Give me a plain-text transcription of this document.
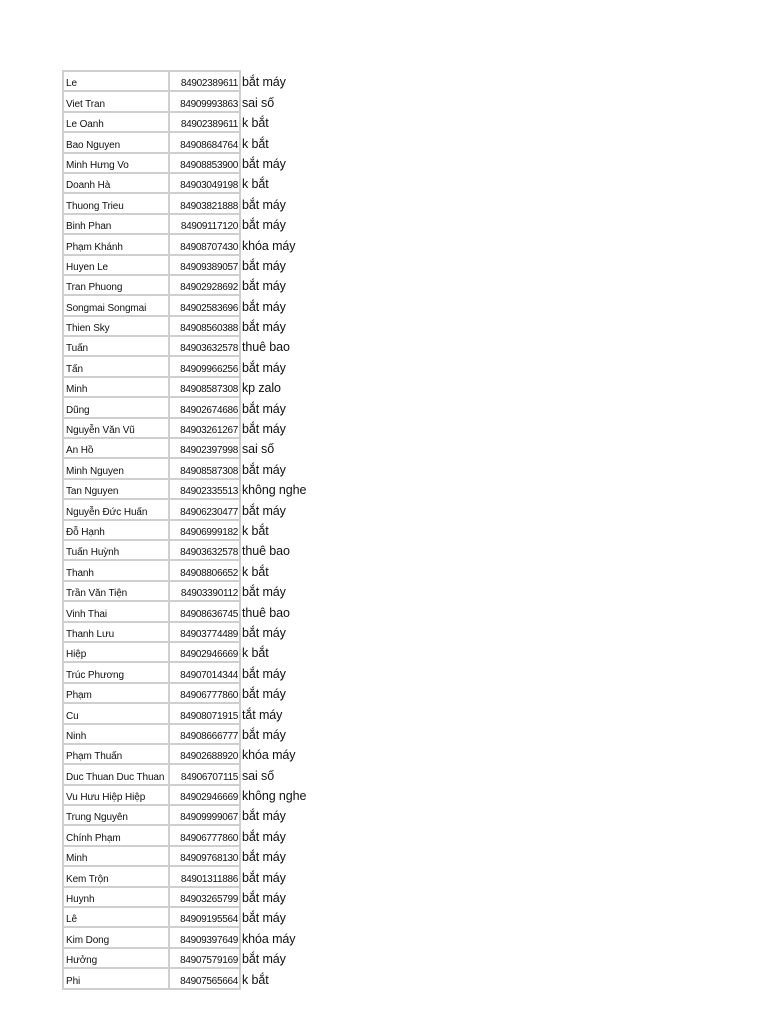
Le	84902389611	bắt máy
Viet Tran	84909993863	sai số
Le Oanh	84902389611	k bắt
Bao Nguyen	84908684764	k bắt
Minh Hưng Vo	84908853900	bắt máy
Doanh Hà	84903049198	k bắt
Thuong Trieu	84903821888	bắt máy
Binh Phan	84909117120	bắt máy
Phạm Khánh	84908707430	khóa máy
Huyen Le	84909389057	bắt máy
Tran Phuong	84902928692	bắt máy
Songmai Songmai	84902583696	bắt máy
Thien Sky	84908560388	bắt máy
Tuấn	84903632578	thuê bao
Tấn	84909966256	bắt máy
Minh	84908587308	kp zalo
Dũng	84902674686	bắt máy
Nguyễn Văn Vũ	84903261267	bắt máy
An Hồ	84902397998	sai số
Minh Nguyen	84908587308	bắt máy
Tan Nguyen	84902335513	không nghe
Nguyễn Đức Huấn	84906230477	bắt máy
Đỗ Hạnh	84906999182	k bắt
Tuấn Huỳnh	84903632578	thuê bao
Thanh	84908806652	k bắt
Trần Văn Tiện	84903390112	bắt máy
Vinh Thai	84908636745	thuê bao
Thanh Lưu	84903774489	bắt máy
Hiệp	84902946669	k bắt
Trúc Phương	84907014344	bắt máy
Phạm	84906777860	bắt máy
Cu	84908071915	tắt máy
Ninh	84908666777	bắt máy
Phạm Thuấn	84902688920	khóa máy
Duc Thuan Duc Thuan	84906707115	sai số
Vu Hưu Hiệp Hiệp	84902946669	không nghe
Trung Nguyên	84909999067	bắt máy
Chính Phạm	84906777860	bắt máy
Minh	84909768130	bắt máy
Kem Trộn	84901311886	bắt máy
Huynh	84903265799	bắt máy
Lê	84909195564	bắt máy
Kim Dong	84909397649	khóa máy
Hưởng	84907579169	bắt máy
Phi	84907565664	k bắt
